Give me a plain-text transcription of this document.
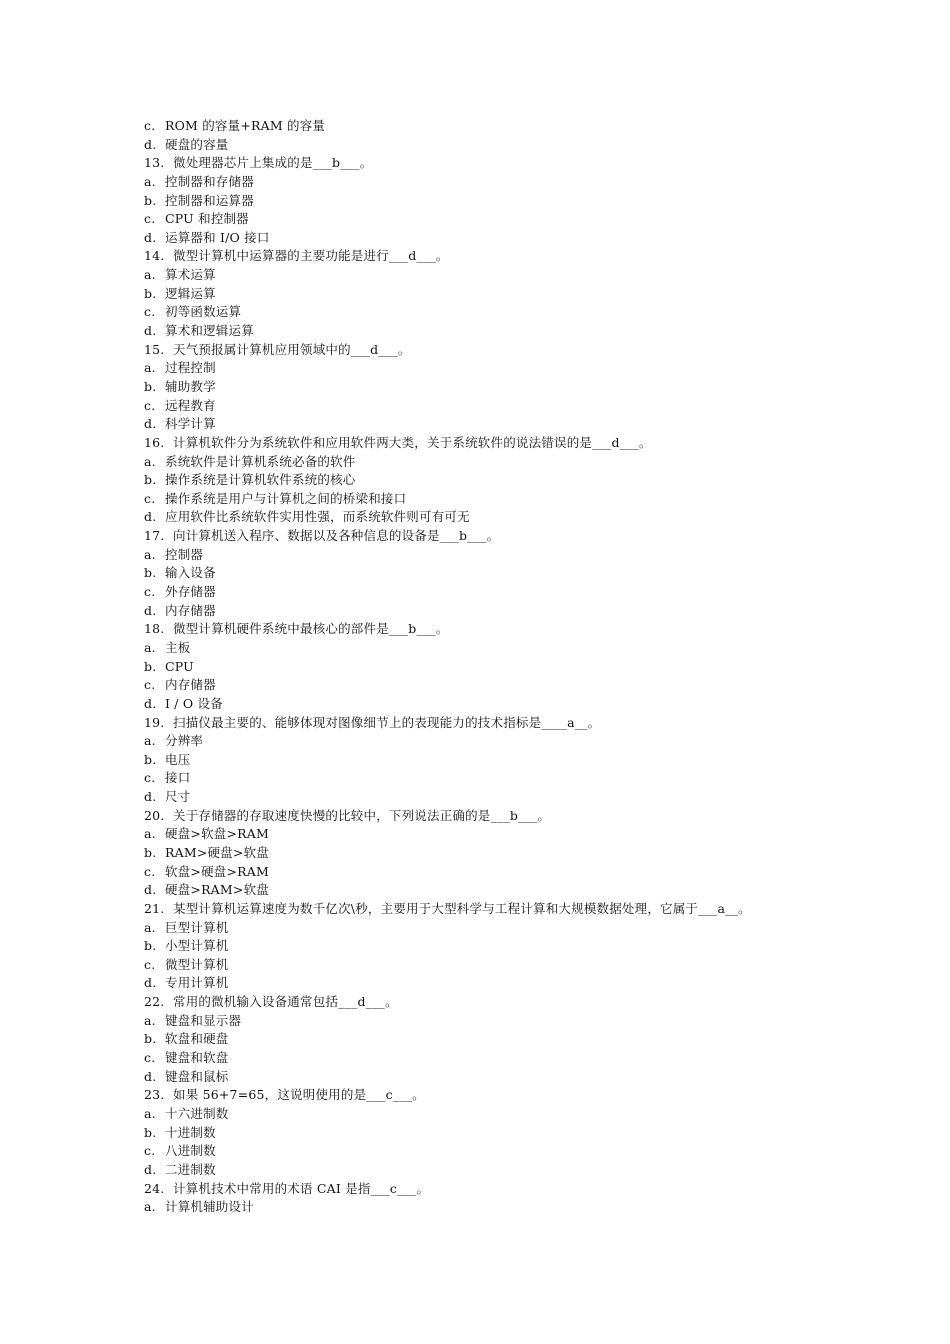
c. ROM 的容量+RAM 的容量
d. 硬盘的容量
13. 微处理器芯片上集成的是___b___。
a. 控制器和存储器
b. 控制器和运算器
c. CPU 和控制器
d. 运算器和 I/O 接口
14. 微型计算机中运算器的主要功能是进行___d___。
a. 算术运算
b. 逻辑运算
c. 初等函数运算
d. 算术和逻辑运算
15. 天气预报属计算机应用领域中的___d___。
a. 过程控制
b. 辅助教学
c. 远程教育
d. 科学计算
16. 计算机软件分为系统软件和应用软件两大类，关于系统软件的说法错误的是___d___。
a. 系统软件是计算机系统必备的软件
b. 操作系统是计算机软件系统的核心
c. 操作系统是用户与计算机之间的桥梁和接口
d. 应用软件比系统软件实用性强，而系统软件则可有可无
17. 向计算机送入程序、数据以及各种信息的设备是___b___。
a. 控制器
b. 输入设备
c. 外存储器
d. 内存储器
18. 微型计算机硬件系统中最核心的部件是___b___。
a. 主板
b. CPU
c. 内存储器
d. I / O 设备
19. 扫描仪最主要的、能够体现对图像细节上的表现能力的技术指标是____a__。
a. 分辨率
b. 电压
c. 接口
d. 尺寸
20. 关于存储器的存取速度快慢的比较中，下列说法正确的是___b___。
a. 硬盘>软盘>RAM
b. RAM>硬盘>软盘
c. 软盘>硬盘>RAM
d. 硬盘>RAM>软盘
21. 某型计算机运算速度为数千亿次\秒，主要用于大型科学与工程计算和大规模数据处理，它属于___a__。
a. 巨型计算机
b. 小型计算机
c. 微型计算机
d. 专用计算机
22. 常用的微机输入设备通常包括___d___。
a. 键盘和显示器
b. 软盘和硬盘
c. 键盘和软盘
d. 键盘和鼠标
23. 如果 56+7=65，这说明使用的是___c___。
a. 十六进制数
b. 十进制数
c. 八进制数
d. 二进制数
24. 计算机技术中常用的术语 CAI 是指___c___。
a. 计算机辅助设计
